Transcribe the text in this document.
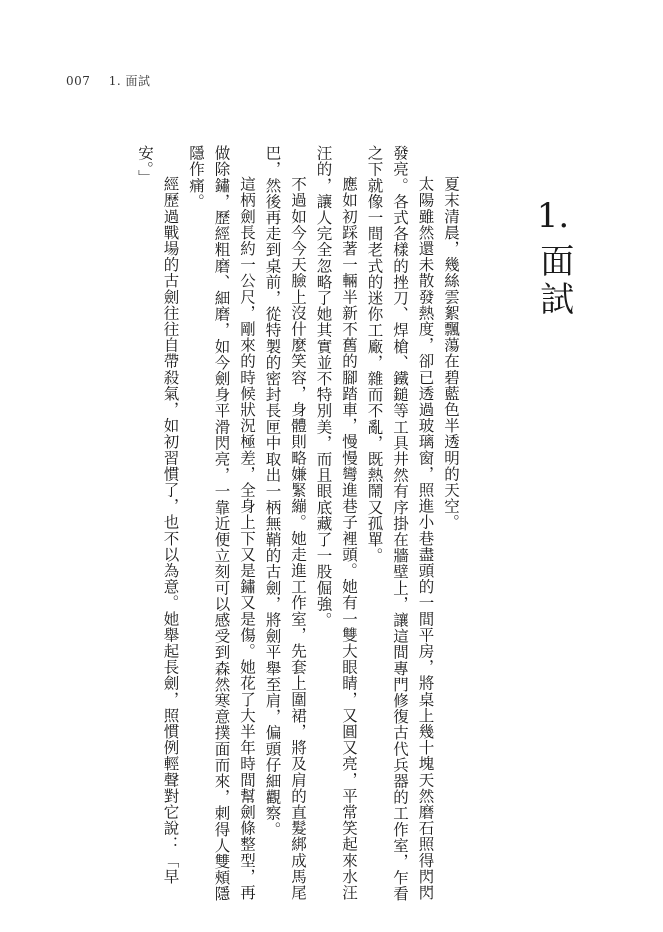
007 1. 面試
1.
面試

夏末清晨，幾絲雲絮飄蕩在碧藍色半透明的天空。

太陽雖然還未散發熱度，卻已透過玻璃窗，照進小巷盡頭的一間平房，將桌上幾十塊天然磨石照得閃閃發亮。各式各樣的挫刀、焊槍、鐵鎚等工具井然有序掛在牆壁上，讓這間專門修復古代兵器的工作室，乍看之下就像一間老式的迷你工廠，雜而不亂，既熱鬧又孤單。

應如初踩著一輛半新不舊的腳踏車，慢慢彎進巷子裡頭。她有一雙大眼睛，又圓又亮，平常笑起來水汪汪的，讓人完全忽略了她其實並不特別美，而且眼底藏了一股倔強。

不過如今今天臉上沒什麼笑容，身體則略嫌緊繃。她走進工作室，先套上圍裙，將及肩的直髮綁成馬尾巴，然後再走到桌前，從特製的密封長匣中取出一柄無鞘的古劍，將劍平舉至肩，偏頭仔細觀察。

這柄劍長約一公尺，剛來的時候狀況極差，全身上下又是鏽又是傷。她花了大半年時間幫劍條整型，再做除鏽，歷經粗磨、細磨，如今劍身平滑閃亮，一靠近便立刻可以感受到森然寒意撲面而來，刺得人雙頰隱隱作痛。

經歷過戰場的古劍往往自帶殺氣，如初習慣了，也不以為意。她舉起長劍，照慣例輕聲對它說：「早安。」
